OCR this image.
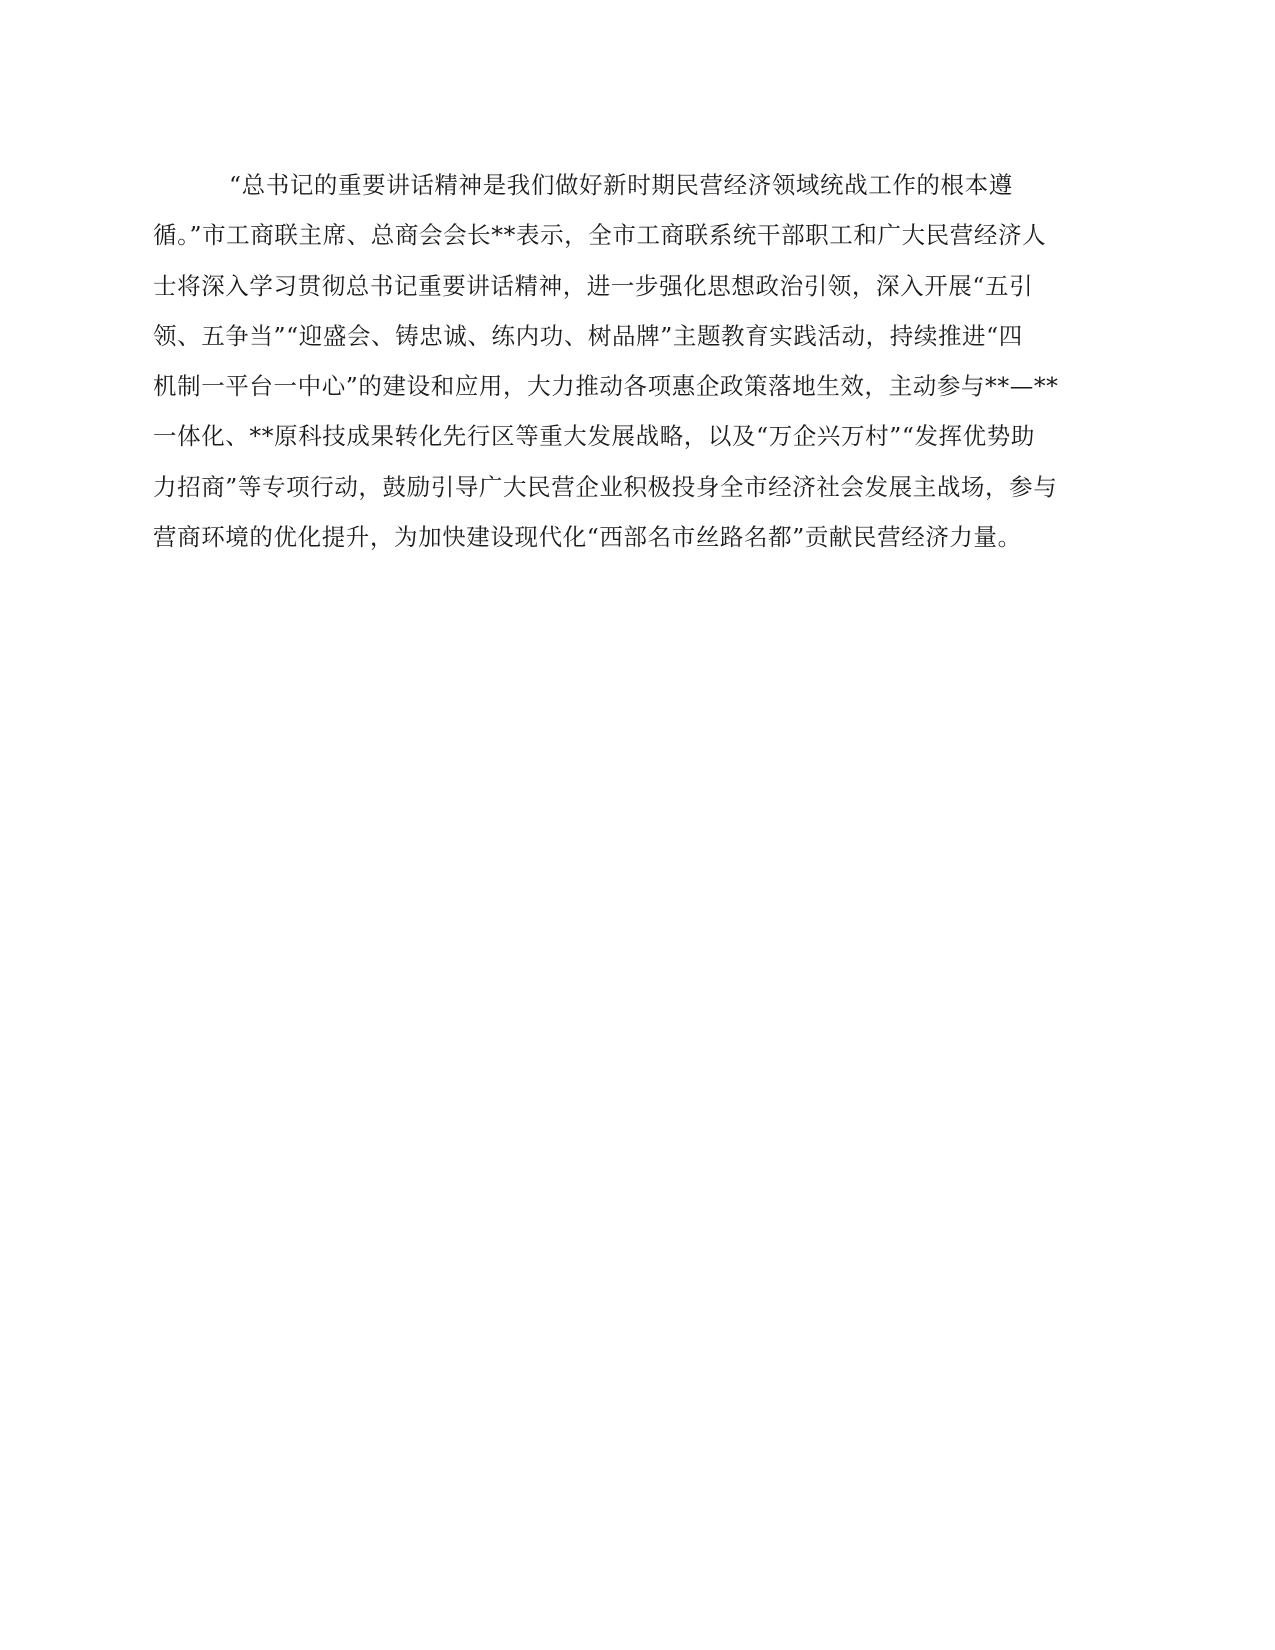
“总书记的重要讲话精神是我们做好新时期民营经济领域统战工作的根本遵
循。”市工商联主席、总商会会长**表示，全市工商联系统干部职工和广大民营经济人
士将深入学习贯彻总书记重要讲话精神，进一步强化思想政治引领，深入开展“五引
领、五争当”“迎盛会、铸忠诚、练内功、树品牌”主题教育实践活动，持续推进“四
机制一平台一中心”的建设和应用，大力推动各项惠企政策落地生效，主动参与**—**
一体化、**原科技成果转化先行区等重大发展战略，以及“万企兴万村”“发挥优势助
力招商”等专项行动，鼓励引导广大民营企业积极投身全市经济社会发展主战场，参与
营商环境的优化提升，为加快建设现代化“西部名市丝路名都”贡献民营经济力量。
